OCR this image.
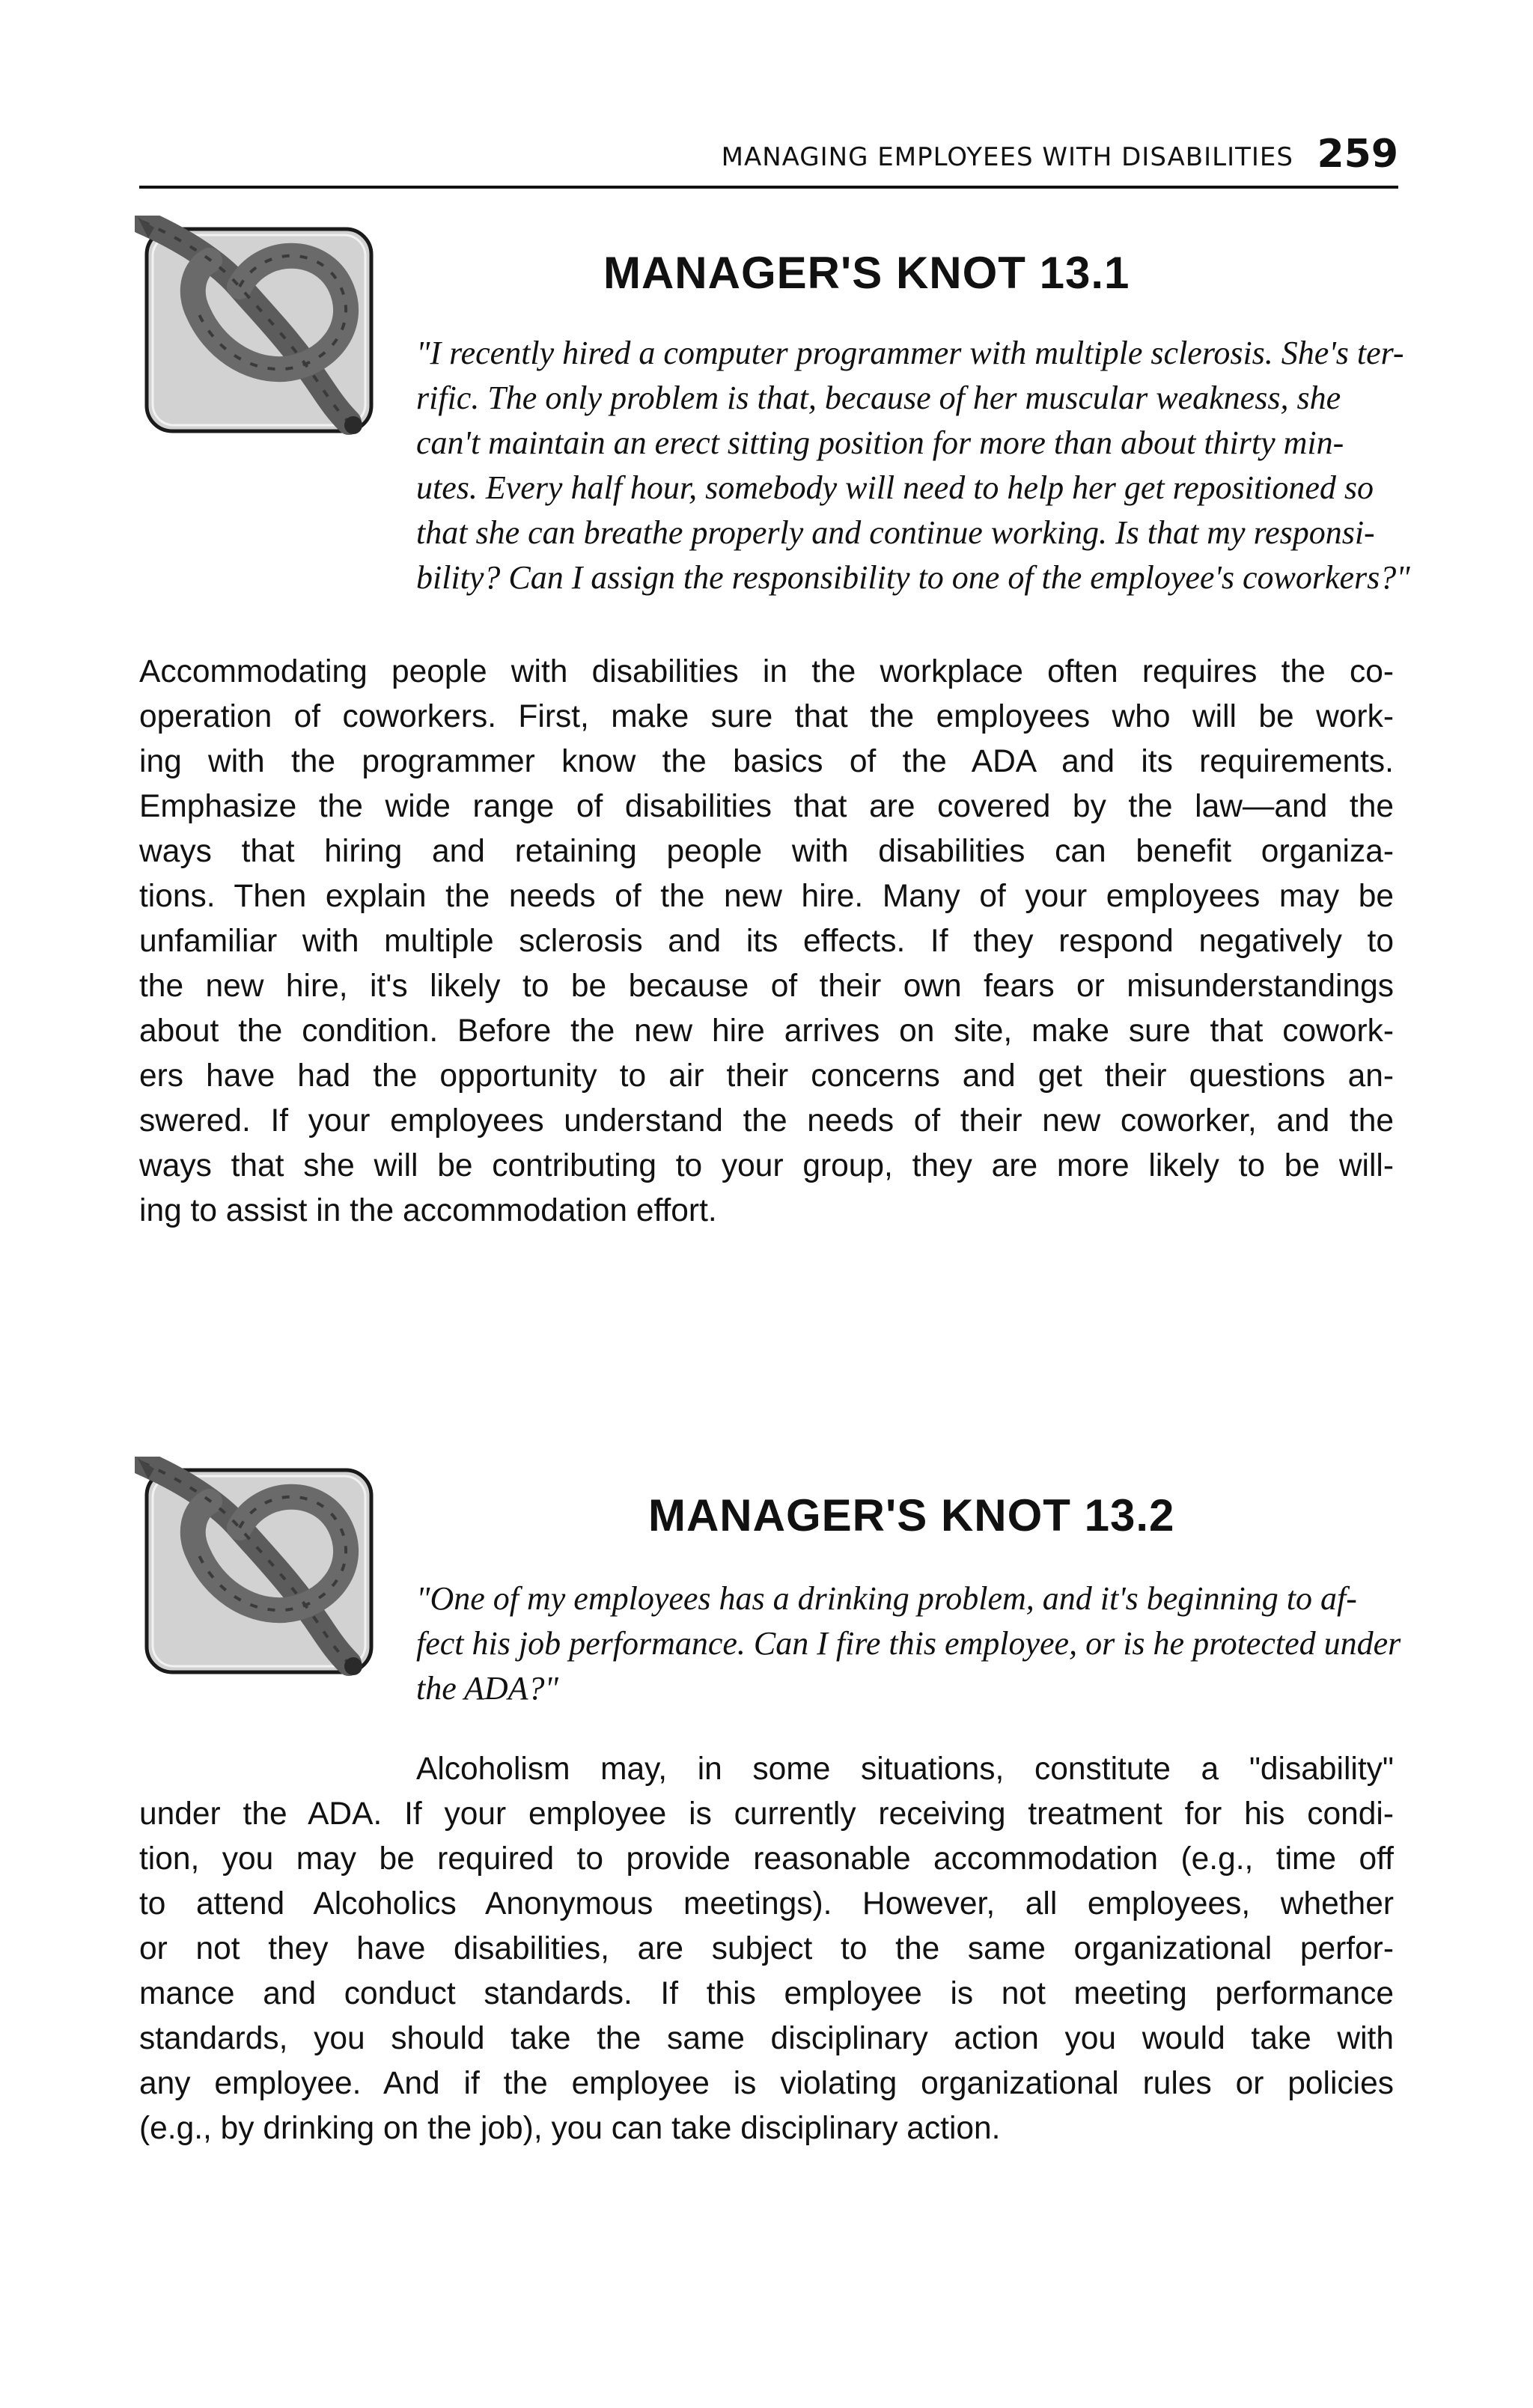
MANAGING EMPLOYEES WITH DISABILITIES 259
MANAGER'S KNOT 13.1
"I recently hired a computer programmer with multiple sclerosis. She's ter-
rific. The only problem is that, because of her muscular weakness, she
can't maintain an erect sitting position for more than about thirty min-
utes. Every half hour, somebody will need to help her get repositioned so
that she can breathe properly and continue working. Is that my responsi-
bility? Can I assign the responsibility to one of the employee's coworkers?"
Accommodating people with disabilities in the workplace often requires the co-
operation of coworkers. First, make sure that the employees who will be work-
ing with the programmer know the basics of the ADA and its requirements.
Emphasize the wide range of disabilities that are covered by the law—and the
ways that hiring and retaining people with disabilities can benefit organiza-
tions. Then explain the needs of the new hire. Many of your employees may be
unfamiliar with multiple sclerosis and its effects. If they respond negatively to
the new hire, it's likely to be because of their own fears or misunderstandings
about the condition. Before the new hire arrives on site, make sure that cowork-
ers have had the opportunity to air their concerns and get their questions an-
swered. If your employees understand the needs of their new coworker, and the
ways that she will be contributing to your group, they are more likely to be will-
ing to assist in the accommodation effort.
MANAGER'S KNOT 13.2
"One of my employees has a drinking problem, and it's beginning to af-
fect his job performance. Can I fire this employee, or is he protected under
the ADA?"
Alcoholism may, in some situations, constitute a "disability"
under the ADA. If your employee is currently receiving treatment for his condi-
tion, you may be required to provide reasonable accommodation (e.g., time off
to attend Alcoholics Anonymous meetings). However, all employees, whether
or not they have disabilities, are subject to the same organizational perfor-
mance and conduct standards. If this employee is not meeting performance
standards, you should take the same disciplinary action you would take with
any employee. And if the employee is violating organizational rules or policies
(e.g., by drinking on the job), you can take disciplinary action.
